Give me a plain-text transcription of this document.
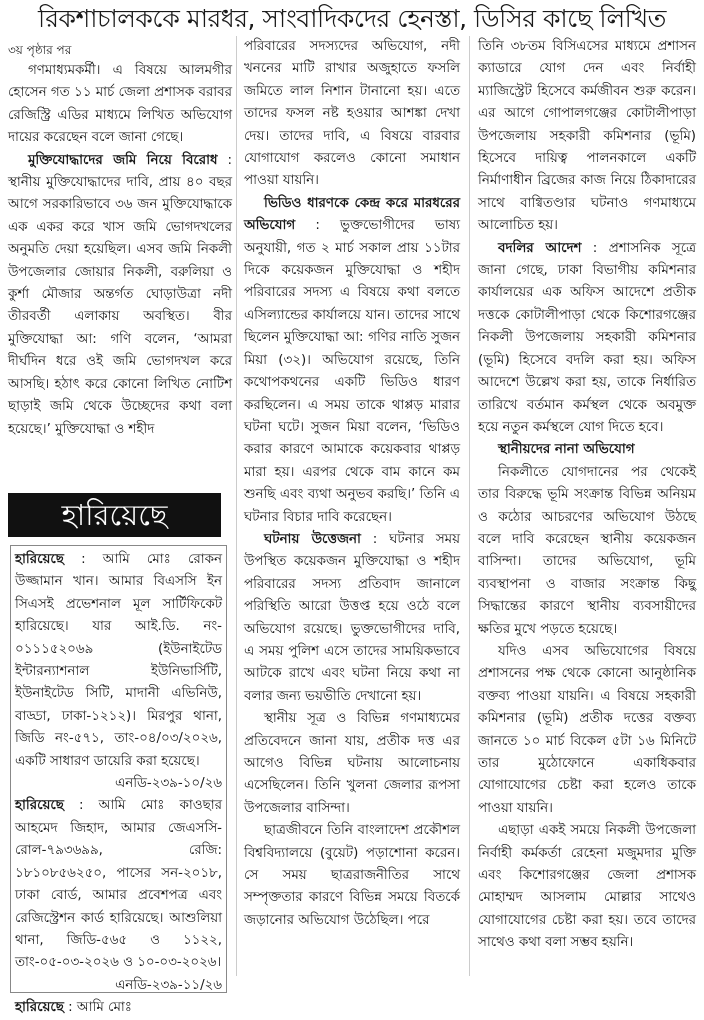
রিকশাচালককে মারধর, সাংবাদিকদের হেনস্তা, ডিসির কাছে লিখিত
৩য় পৃষ্ঠার পর

গণমাধ্যমকর্মী। এ বিষয়ে আলমগীর হোসেন গত ১১ মার্চ জেলা প্রশাসক বরাবর রেজিস্ট্রি এডির মাধ্যমে লিখিত অভিযোগ দায়ের করেছেন বলে জানা গেছে।

মুক্তিযোদ্ধাদের জমি নিয়ে বিরোধ : স্থানীয় মুক্তিযোদ্ধাদের দাবি, প্রায় ৪০ বছর আগে সরকারিভাবে ৩৬ জন মুক্তিযোদ্ধাকে এক একর করে খাস জমি ভোগদখলের অনুমতি দেয়া হয়েছিল। এসব জমি নিকলী উপজেলার জোয়ার নিকলী, বরুলিয়া ও কুর্শা মৌজার অন্তর্গত ঘোড়াউত্রা নদী তীরবর্তী এলাকায় অবস্থিত। বীর মুক্তিযোদ্ধা আ: গণি বলেন, ‘আমরা দীর্ঘদিন ধরে ওই জমি ভোগদখল করে আসছি। হঠাৎ করে কোনো লিখিত নোটিশ ছাড়াই জমি থেকে উচ্ছেদের কথা বলা হয়েছে।’ মুক্তিযোদ্ধা ও শহীদ

হারিয়েছে

হারিয়েছে : আমি মোঃ রোকন উজ্জামান খান। আমার বিএসসি ইন সিএসই প্রভেশনাল মূল সার্টিফিকেট হারিয়েছে। যার আই.ডি. নং- ০১১১৫২০৬৯ (ইউনাইটেড ইন্টারন্যাশনাল ইউনিভার্সিটি, ইউনাইটেড সিটি, মাদানী এভিনিউ, বাড্ডা, ঢাকা-১২১২)। মিরপুর থানা, জিডি নং-৫৭১, তাং-০৪/০৩/২০২৬, একটি সাধারণ ডায়েরি করা হয়েছে।

এনডি-২৩৯-১০/২৬

হারিয়েছে : আমি মোঃ কাওছার আহমেদ জিহাদ, আমার জেএসসি-রোল-৭৯৩৬৯৯, রেজি: ১৮১০৮৫৬২৫০, পাসের সন-২০১৮, ঢাকা বোর্ড, আমার প্রবেশপত্র এবং রেজিস্ট্রেশন কার্ড হারিয়েছে। আশুলিয়া থানা, জিডি-৫৬৫ ও ১১২২, তাং-০৫-০৩-২০২৬ ও ১০-০৩-২০২৬।

এনডি-২৩৯-১১/২৬

হারিয়েছে : আমি মোঃ

পরিবারের সদস্যদের অভিযোগ, নদী খননের মাটি রাখার অজুহাতে ফসলি জমিতে লাল নিশান টানানো হয়। এতে তাদের ফসল নষ্ট হওয়ার আশঙ্কা দেখা দেয়। তাদের দাবি, এ বিষয়ে বারবার যোগাযোগ করলেও কোনো সমাধান পাওয়া যায়নি।

ভিডিও ধারণকে কেন্দ্র করে মারধরের অভিযোগ : ভুক্তভোগীদের ভাষ্য অনুযায়ী, গত ২ মার্চ সকাল প্রায় ১১টার দিকে কয়েকজন মুক্তিযোদ্ধা ও শহীদ পরিবারের সদস্য এ বিষয়ে কথা বলতে এসিল্যান্ডের কার্যালয়ে যান। তাদের সাথে ছিলেন মুক্তিযোদ্ধা আ: গণির নাতি সুজন মিয়া (৩২)। অভিযোগ রয়েছে, তিনি কথোপকথনের একটি ভিডিও ধারণ করছিলেন। এ সময় তাকে থাপ্পড় মারার ঘটনা ঘটে। সুজন মিয়া বলেন, ‘ভিডিও করার কারণে আমাকে কয়েকবার থাপ্পড় মারা হয়। এরপর থেকে বাম কানে কম শুনছি এবং ব্যথা অনুভব করছি।’ তিনি এ ঘটনার বিচার দাবি করেছেন।

ঘটনায় উত্তেজনা : ঘটনার সময় উপস্থিত কয়েকজন মুক্তিযোদ্ধা ও শহীদ পরিবারের সদস্য প্রতিবাদ জানালে পরিস্থিতি আরো উত্তপ্ত হয়ে ওঠে বলে অভিযোগ রয়েছে। ভুক্তভোগীদের দাবি, এ সময় পুলিশ এসে তাদের সাময়িকভাবে আটকে রাখে এবং ঘটনা নিয়ে কথা না বলার জন্য ভয়ভীতি দেখানো হয়।

স্থানীয় সূত্র ও বিভিন্ন গণমাধ্যমের প্রতিবেদনে জানা যায়, প্রতীক দত্ত এর আগেও বিভিন্ন ঘটনায় আলোচনায় এসেছিলেন। তিনি খুলনা জেলার রূপসা উপজেলার বাসিন্দা।

ছাত্রজীবনে তিনি বাংলাদেশ প্রকৌশল বিশ্ববিদ্যালয়ে (বুয়েট) পড়াশোনা করেন। সে সময় ছাত্ররাজনীতির সাথে সম্পৃক্ততার কারণে বিভিন্ন সময়ে বিতর্কে জড়ানোর অভিযোগ উঠেছিল। পরে

তিনি ৩৮তম বিসিএসের মাধ্যমে প্রশাসন ক্যাডারে যোগ দেন এবং নির্বাহী ম্যাজিস্ট্রেট হিসেবে কর্মজীবন শুরু করেন। এর আগে গোপালগঞ্জের কোটালীপাড়া উপজেলায় সহকারী কমিশনার (ভূমি) হিসেবে দায়িত্ব পালনকালে একটি নির্মাণাধীন ব্রিজের কাজ নিয়ে ঠিকাদারের সাথে বাগ্বিতণ্ডার ঘটনাও গণমাধ্যমে আলোচিত হয়।

বদলির আদেশ : প্রশাসনিক সূত্রে জানা গেছে, ঢাকা বিভাগীয় কমিশনার কার্যালয়ের এক অফিস আদেশে প্রতীক দত্তকে কোটালীপাড়া থেকে কিশোরগঞ্জের নিকলী উপজেলায় সহকারী কমিশনার (ভূমি) হিসেবে বদলি করা হয়। অফিস আদেশে উল্লেখ করা হয়, তাকে নির্ধারিত তারিখে বর্তমান কর্মস্থল থেকে অবমুক্ত হয়ে নতুন কর্মস্থলে যোগ দিতে হবে।

স্থানীয়দের নানা অভিযোগ

নিকলীতে যোগদানের পর থেকেই তার বিরুদ্ধে ভূমি সংক্রান্ত বিভিন্ন অনিয়ম ও কঠোর আচরণের অভিযোগ উঠছে বলে দাবি করেছেন স্থানীয় কয়েকজন বাসিন্দা। তাদের অভিযোগ, ভূমি ব্যবস্থাপনা ও বাজার সংক্রান্ত কিছু সিদ্ধান্তের কারণে স্থানীয় ব্যবসায়ীদের ক্ষতির মুখে পড়তে হয়েছে।

যদিও এসব অভিযোগের বিষয়ে প্রশাসনের পক্ষ থেকে কোনো আনুষ্ঠানিক বক্তব্য পাওয়া যায়নি। এ বিষয়ে সহকারী কমিশনার (ভূমি) প্রতীক দত্তের বক্তব্য জানতে ১০ মার্চ বিকেল ৫টা ১৬ মিনিটে তার মুঠোফোনে একাধিকবার যোগাযোগের চেষ্টা করা হলেও তাকে পাওয়া যায়নি।

এছাড়া একই সময়ে নিকলী উপজেলা নির্বাহী কর্মকর্তা রেহেনা মজুমদার মুক্তি এবং কিশোরগঞ্জের জেলা প্রশাসক মোহাম্মদ আসলাম মোল্লার সাথেও যোগাযোগের চেষ্টা করা হয়। তবে তাদের সাথেও কথা বলা সম্ভব হয়নি।
